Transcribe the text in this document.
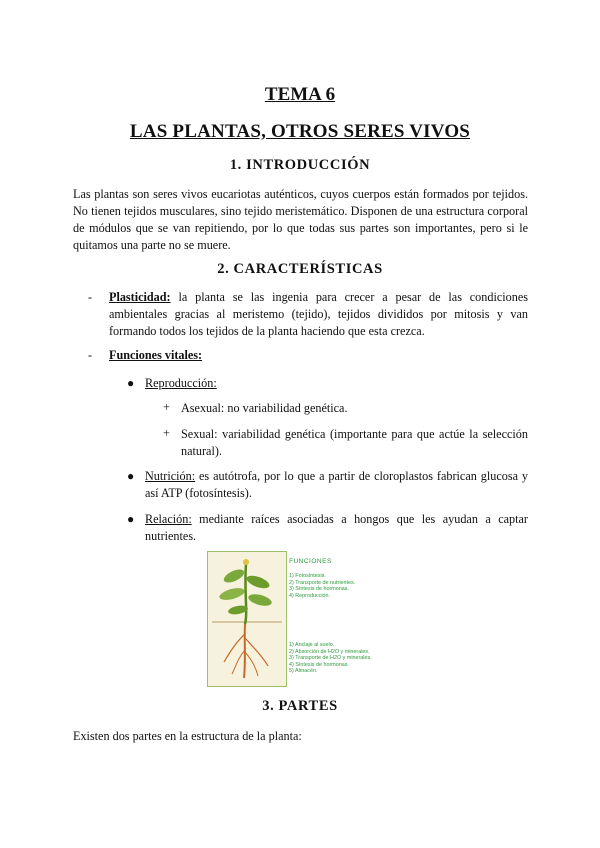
TEMA 6
LAS PLANTAS, OTROS SERES VIVOS
1. INTRODUCCIÓN
Las plantas son seres vivos eucariotas auténticos, cuyos cuerpos están formados por tejidos. No tienen tejidos musculares, sino tejido meristemático. Disponen de una estructura corporal de módulos que se van repitiendo, por lo que todas sus partes son importantes, pero si le quitamos una parte no se muere.
2. CARACTERÍSTICAS
- Plasticidad: la planta se las ingenia para crecer a pesar de las condiciones ambientales gracias al meristemo (tejido), tejidos divididos por mitosis y van formando todos los tejidos de la planta haciendo que esta crezca.
- Funciones vitales:
● Reproducción:
+ Asexual: no variabilidad genética.
+ Sexual: variabilidad genética (importante para que actúe la selección natural).
● Nutrición: es autótrofa, por lo que a partir de cloroplastos fabrican glucosa y así ATP (fotosíntesis).
● Relación: mediante raíces asociadas a hongos que les ayudan a captar nutrientes.
FUNCIONES
1) Fotosíntesis.
2) Transporte de nutrientes.
3) Síntesis de hormonas.
4) Reproducción.
1) Anclaje al suelo.
2) Absorción de H2O y minerales.
3) Transporte de H2O y minerales.
4) Síntesis de hormonas.
5) Almacén.
3. PARTES
Existen dos partes en la estructura de la planta:
